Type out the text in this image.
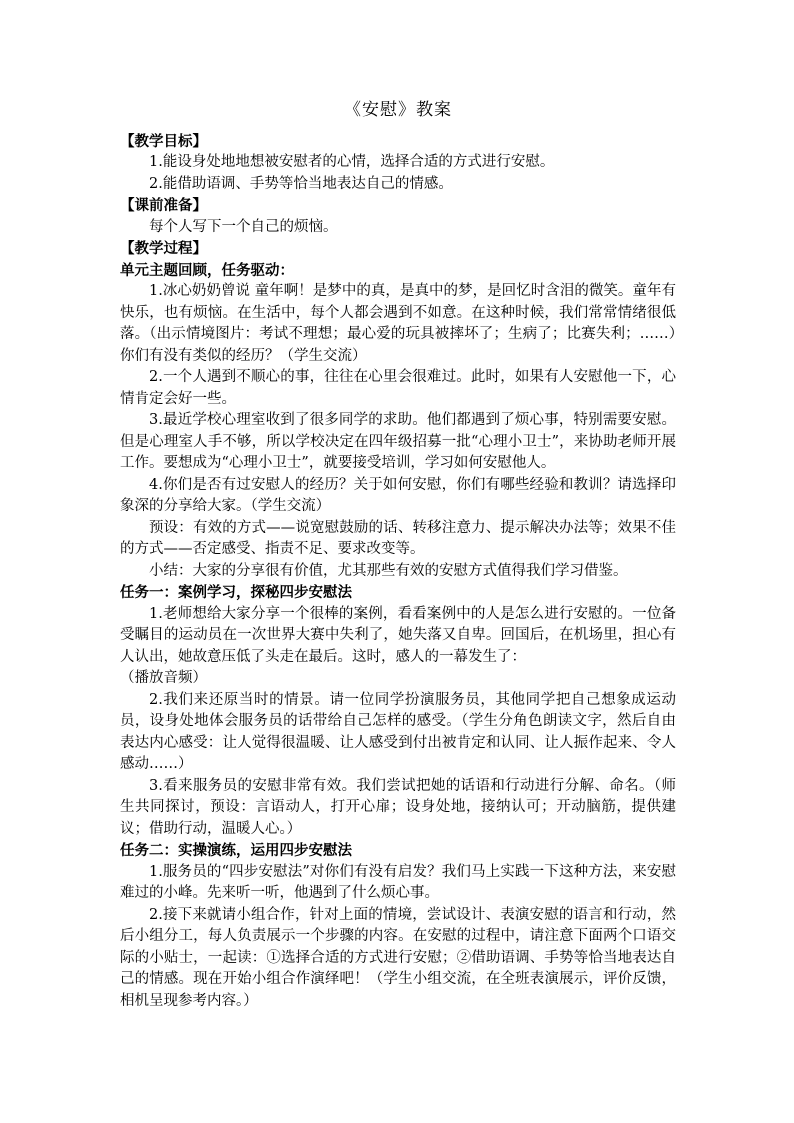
《安慰》教案

【教学目标】

1.能设身处地地想被安慰者的心情，选择合适的方式进行安慰。

2.能借助语调、手势等恰当地表达自己的情感。

【课前准备】

每个人写下一个自己的烦恼。

【教学过程】

单元主题回顾，任务驱动：

1.冰心奶奶曾说 童年啊！是梦中的真，是真中的梦，是回忆时含泪的微笑。童年有快乐，也有烦恼。在生活中，每个人都会遇到不如意。在这种时候，我们常常情绪很低落。（出示情境图片：考试不理想；最心爱的玩具被摔坏了；生病了；比赛失利；……）你们有没有类似的经历？（学生交流）

2.一个人遇到不顺心的事，往往在心里会很难过。此时，如果有人安慰他一下，心情肯定会好一些。

3.最近学校心理室收到了很多同学的求助。他们都遇到了烦心事，特别需要安慰。但是心理室人手不够，所以学校决定在四年级招募一批“心理小卫士”，来协助老师开展工作。要想成为“心理小卫士”，就要接受培训，学习如何安慰他人。

4.你们是否有过安慰人的经历？关于如何安慰，你们有哪些经验和教训？请选择印象深的分享给大家。（学生交流）

预设：有效的方式——说宽慰鼓励的话、转移注意力、提示解决办法等；效果不佳的方式——否定感受、指责不足、要求改变等。

小结：大家的分享很有价值，尤其那些有效的安慰方式值得我们学习借鉴。

任务一：案例学习，探秘四步安慰法

1.老师想给大家分享一个很棒的案例，看看案例中的人是怎么进行安慰的。一位备受瞩目的运动员在一次世界大赛中失利了，她失落又自卑。回国后，在机场里，担心有人认出，她故意压低了头走在最后。这时，感人的一幕发生了：

（播放音频）

2.我们来还原当时的情景。请一位同学扮演服务员，其他同学把自己想象成运动员，设身处地体会服务员的话带给自己怎样的感受。（学生分角色朗读文字，然后自由表达内心感受：让人觉得很温暖、让人感受到付出被肯定和认同、让人振作起来、令人感动……）

3.看来服务员的安慰非常有效。我们尝试把她的话语和行动进行分解、命名。（师生共同探讨，预设：言语动人，打开心扉；设身处地，接纳认可；开动脑筋，提供建议；借助行动，温暖人心。）

任务二：实操演练，运用四步安慰法

1.服务员的“四步安慰法”对你们有没有启发？我们马上实践一下这种方法，来安慰难过的小峰。先来听一听，他遇到了什么烦心事。

2.接下来就请小组合作，针对上面的情境，尝试设计、表演安慰的语言和行动，然后小组分工，每人负责展示一个步骤的内容。在安慰的过程中，请注意下面两个口语交际的小贴士，一起读：①选择合适的方式进行安慰；②借助语调、手势等恰当地表达自己的情感。现在开始小组合作演绎吧！（学生小组交流，在全班表演展示，评价反馈，相机呈现参考内容。）
